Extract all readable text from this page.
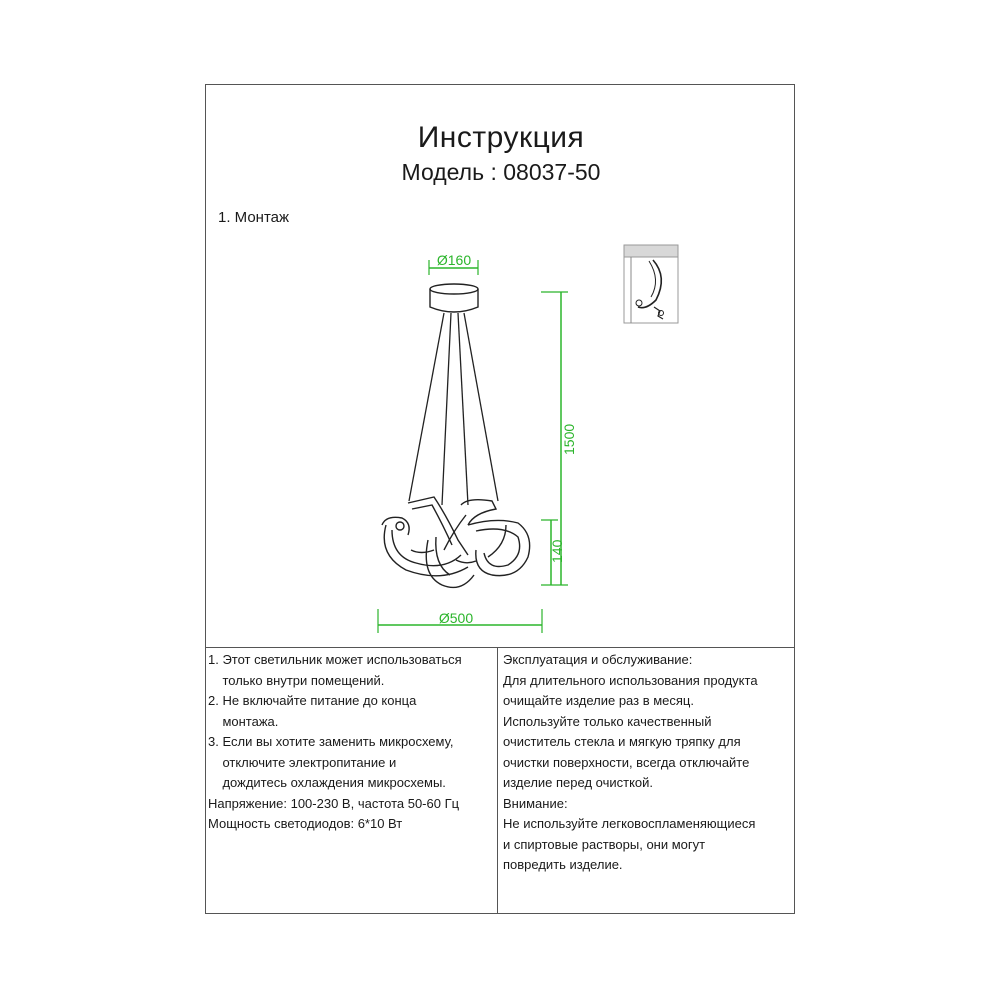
Инструкция
Модель : 08037-50
1. Монтаж
Ø160
1500
140
Ø500
1. Этот светильник может использоваться
только внутри помещений.
2. Не включайте питание до конца
монтажа.
3. Если вы хотите заменить микросхему,
отключите электропитание и
дождитесь охлаждения микросхемы.
Напряжение: 100-230 В, частота 50-60 Гц
Мощность светодиодов: 6*10 Вт
Эксплуатация и обслуживание:
Для длительного использования продукта
очищайте изделие раз в месяц.
Используйте только качественный
очиститель стекла и мягкую тряпку для
очистки поверхности, всегда отключайте
изделие перед очисткой.
Внимание:
Не используйте легковоспламеняющиеся
и спиртовые растворы, они могут
повредить изделие.
